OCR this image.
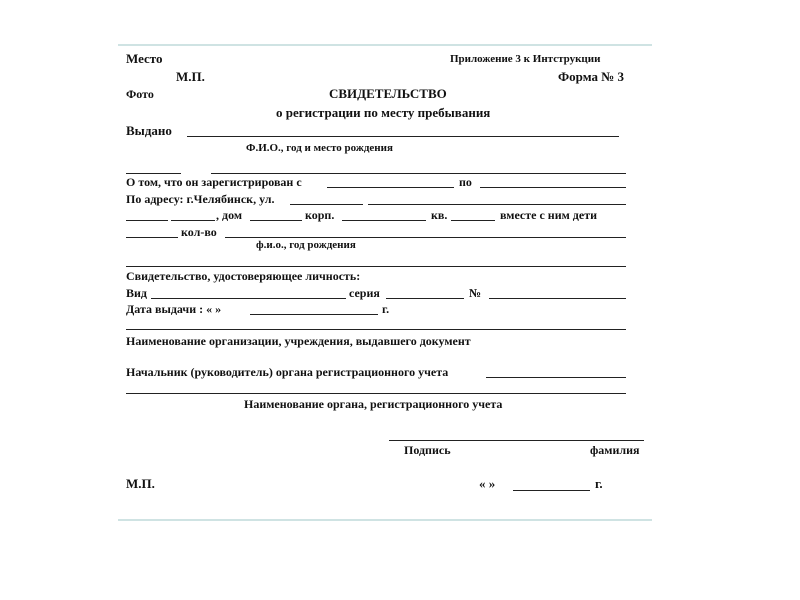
Место	Приложение 3 к Интструкции
М.П.	Форма № 3
Фото	СВИДЕТЕЛЬСТВО
о регистрации по месту пребывания
Выдано
Ф.И.О., год и место рождения
О том, что он зарегистрирован с	по
По адресу: г.Челябинск, ул.
, дом	корп.	кв.	вместе с ним дети
кол-во
ф.и.о., год рождения
Свидетельство, удостоверяющее личность:
Вид	серия	№
Дата выдачи : « »	г.
Наименование организации, учреждения, выдавшего документ
Начальник (руководитель) органа регистрационного учета
Наименование органа, регистрационного учета
Подпись	фамилия
М.П.	« »	г.
